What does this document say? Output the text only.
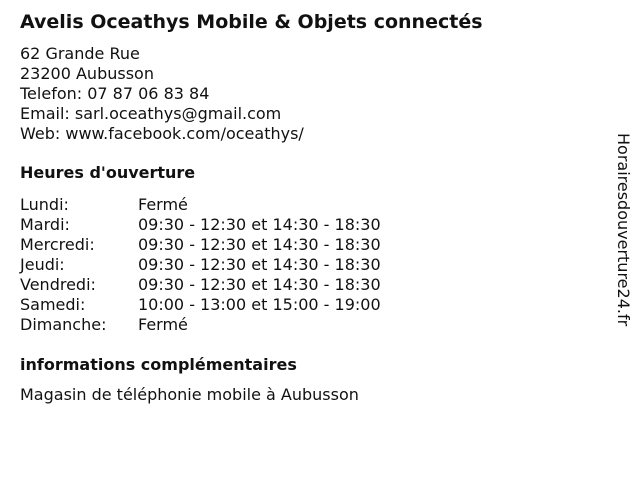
Avelis Oceathys Mobile & Objets connectés
62 Grande Rue
23200 Aubusson
Telefon: 07 87 06 83 84
Email: sarl.oceathys@gmail.com
Web: www.facebook.com/oceathys/
Heures d'ouverture
Lundi:	Fermé
Mardi:	09:30 - 12:30 et 14:30 - 18:30
Mercredi:	09:30 - 12:30 et 14:30 - 18:30
Jeudi:	09:30 - 12:30 et 14:30 - 18:30
Vendredi:	09:30 - 12:30 et 14:30 - 18:30
Samedi:	10:00 - 13:00 et 15:00 - 19:00
Dimanche:	Fermé
informations complémentaires
Magasin de téléphonie mobile à Aubusson
Horairesdouverture24.fr
